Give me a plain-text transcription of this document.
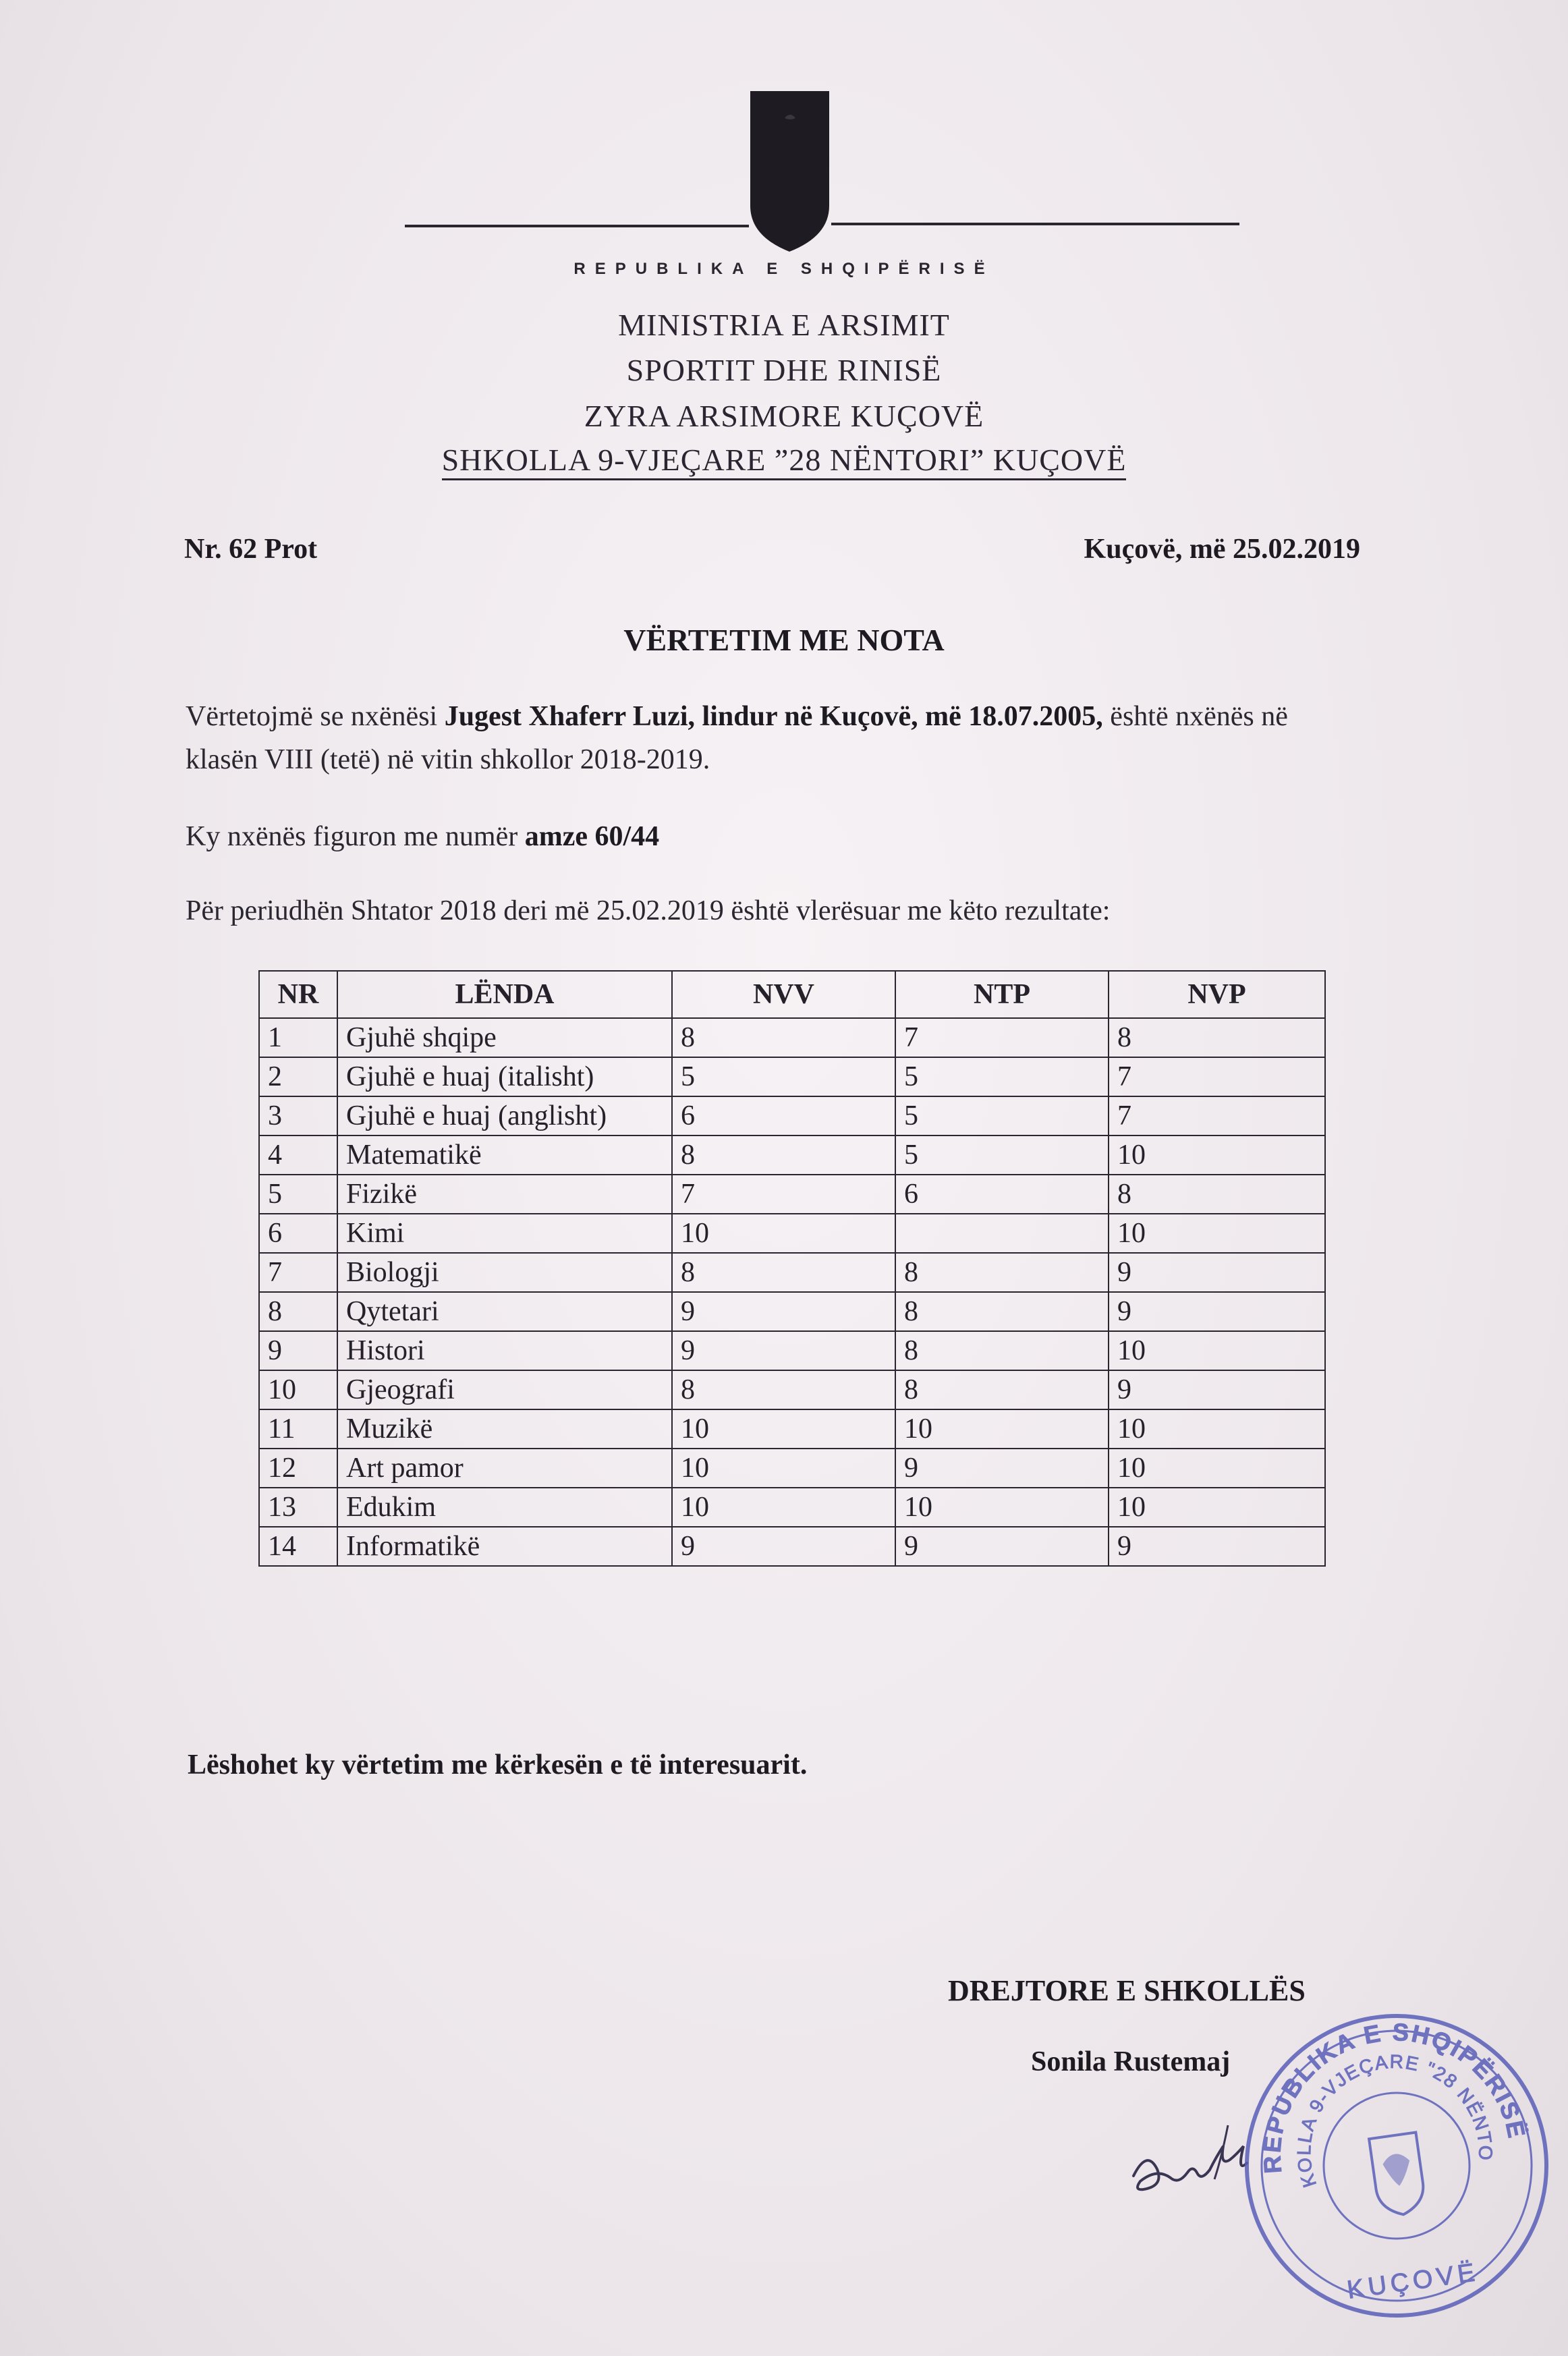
REPUBLIKA E SHQIPËRISË
MINISTRIA E ARSIMIT
SPORTIT DHE RINISË
ZYRA ARSIMORE KUÇOVË
SHKOLLA 9-VJEÇARE ”28 NËNTORI” KUÇOVË
Nr. 62 Prot	Kuçovë, më 25.02.2019
VËRTETIM ME NOTA
Vërtetojmë se nxënësi Jugest Xhaferr Luzi, lindur në Kuçovë, më 18.07.2005, është nxënës në klasën VIII (tetë) në vitin shkollor 2018-2019.
Ky nxënës figuron me numër amze 60/44
Për periudhën Shtator 2018 deri më 25.02.2019 është vlerësuar me këto rezultate:
NR	LËNDA	NVV	NTP	NVP
1	Gjuhë shqipe	8	7	8
2	Gjuhë e huaj (italisht)	5	5	7
3	Gjuhë e huaj (anglisht)	6	5	7
4	Matematikë	8	5	10
5	Fizikë	7	6	8
6	Kimi	10		10
7	Biologji	8	8	9
8	Qytetari	9	8	9
9	Histori	9	8	10
10	Gjeografi	8	8	9
11	Muzikë	10	10	10
12	Art pamor	10	9	10
13	Edukim	10	10	10
14	Informatikë	9	9	9
Lëshohet ky vërtetim me kërkesën e të interesuarit.
DREJTORE E SHKOLLËS
Sonila Rustemaj
REPUBLIKA E SHQIPËRISË
SHKOLLA 9-VJEÇARE "28 NËNTORI"
KUÇOVË
